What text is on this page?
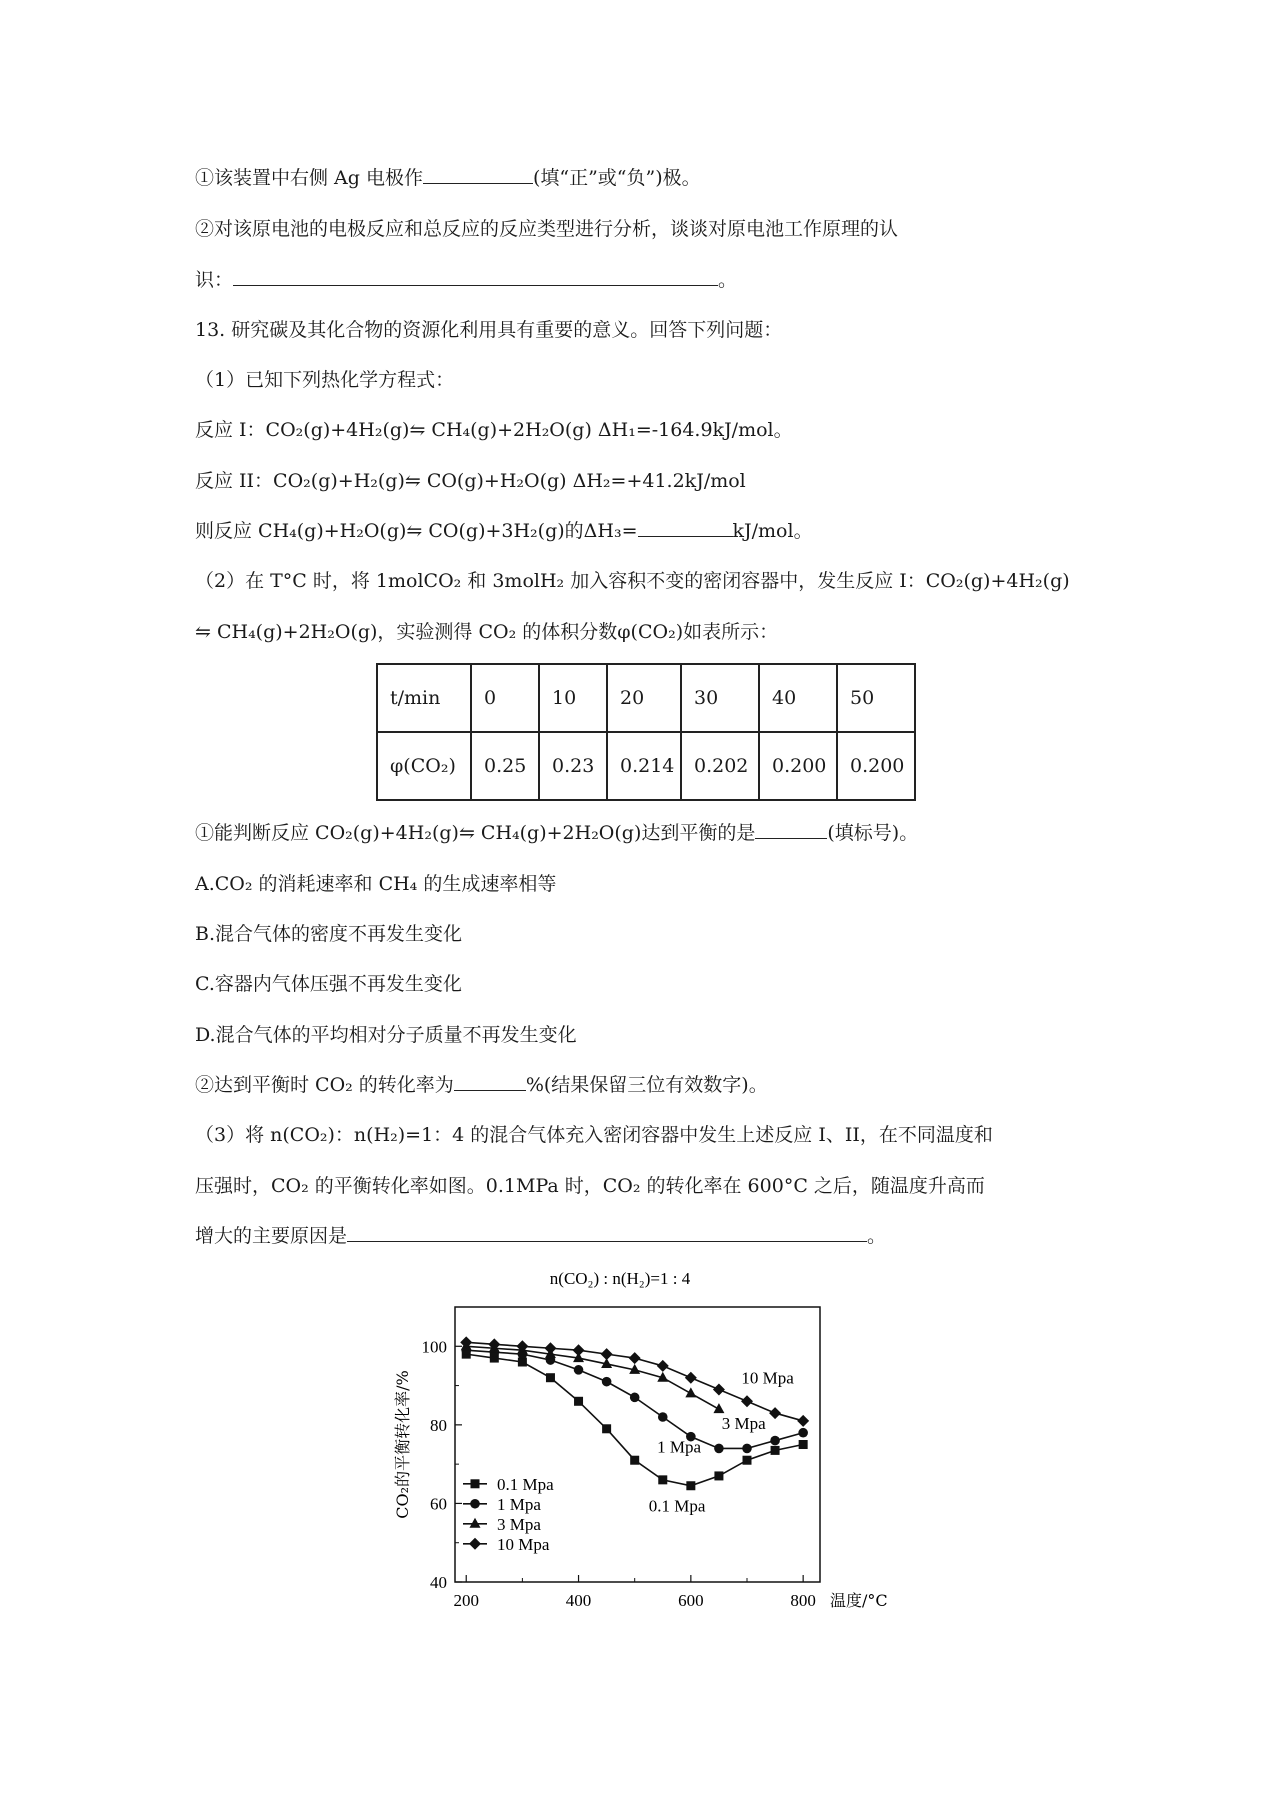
①该装置中右侧 Ag 电极作	(填“正”或“负”)极。
②对该原电池的电极反应和总反应的反应类型进行分析，谈谈对原电池工作原理的认
识：	。
13. 研究碳及其化合物的资源化利用具有重要的意义。回答下列问题：
（1）已知下列热化学方程式：
反应 I：CO₂(g)+4H₂(g)⇋ CH₄(g)+2H₂O(g) ΔH₁=-164.9kJ/mol。
反应 II：CO₂(g)+H₂(g)⇋ CO(g)+H₂O(g) ΔH₂=+41.2kJ/mol
则反应 CH₄(g)+H₂O(g)⇋ CO(g)+3H₂(g)的ΔH₃=	kJ/mol。
（2）在 T°C 时，将 1molCO₂ 和 3molH₂ 加入容积不变的密闭容器中，发生反应 I：CO₂(g)+4H₂(g)
⇋ CH₄(g)+2H₂O(g)，实验测得 CO₂ 的体积分数φ(CO₂)如表所示：
t/min	0	10	20	30	40	50
φ(CO₂)	0.25	0.23	0.214	0.202	0.200	0.200
①能判断反应 CO₂(g)+4H₂(g)⇋ CH₄(g)+2H₂O(g)达到平衡的是	(填标号)。
A.CO₂ 的消耗速率和 CH₄ 的生成速率相等
B.混合气体的密度不再发生变化
C.容器内气体压强不再发生变化
D.混合气体的平均相对分子质量不再发生变化
②达到平衡时 CO₂ 的转化率为	%(结果保留三位有效数字)。
（3）将 n(CO₂)：n(H₂)=1：4 的混合气体充入密闭容器中发生上述反应 I、II，在不同温度和
压强时，CO₂ 的平衡转化率如图。0.1MPa 时，CO₂ 的转化率在 600°C 之后，随温度升高而
增大的主要原因是	。
n(CO₂) : n(H₂)=1 : 4
200	400	600	800
40
60
80
100
温度/°C
CO₂的平衡转化率/%	10 Mpa
3 Mpa
1 Mpa
0.1 Mpa
0.1 Mpa
1 Mpa
3 Mpa
10 Mpa
